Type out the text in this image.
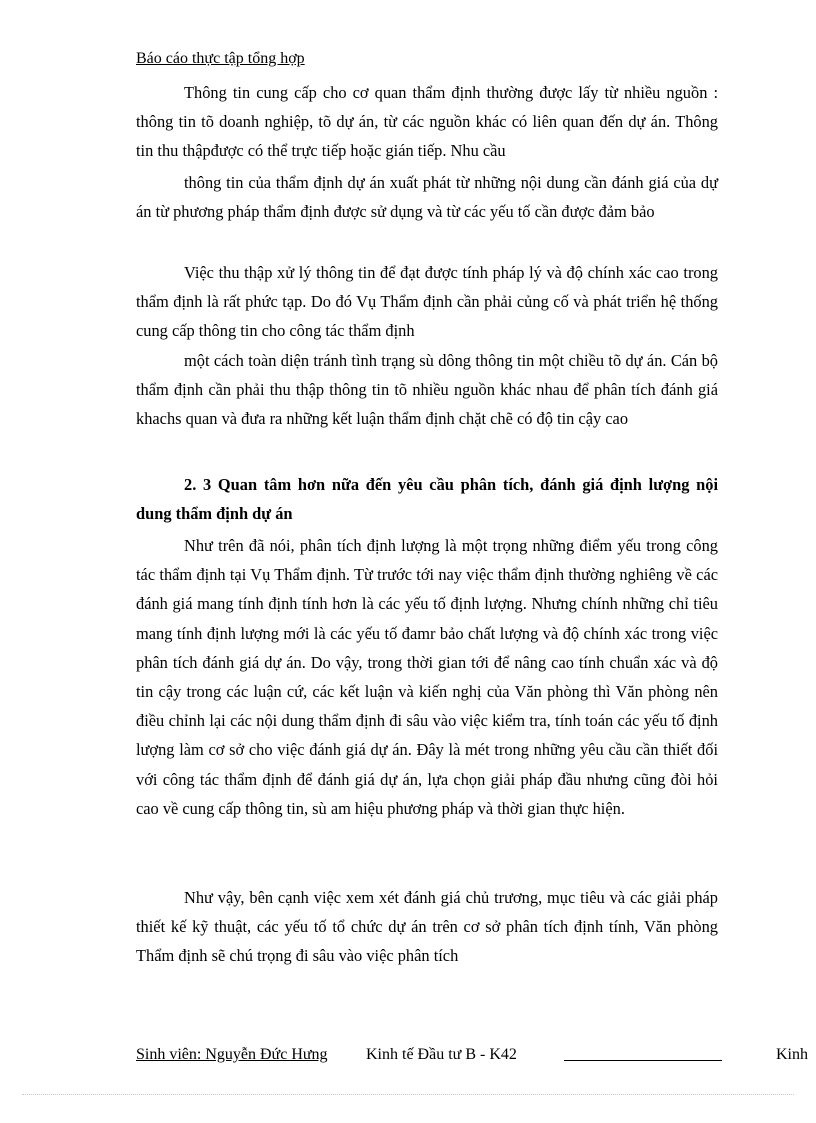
Báo cáo thực tập tổng hợp

Thông tin cung cấp cho cơ quan thẩm định thường được lấy từ nhiều nguồn : thông tin tõ doanh nghiệp, tõ dự án, từ các nguồn khác có liên quan đến dự án. Thông tin thu thậpđược có thể trực tiếp hoặc gián tiếp. Nhu cầu

thông tin của thẩm định dự án xuất phát từ những nội dung cần đánh giá của dự án từ phương pháp thẩm định được sử dụng và từ các yếu tố cần được đảm bảo

Việc thu thập xử lý thông tin để đạt được tính pháp lý và độ chính xác cao trong thẩm định là rất phức tạp. Do đó Vụ Thẩm định cần phải củng cố và phát triển hệ thống cung cấp thông tin cho công tác thẩm định

một cách toàn diện tránh tình trạng sù dông thông tin một chiều tõ dự án. Cán bộ thẩm định cần phải thu thập thông tin tõ nhiều nguồn khác nhau để phân tích đánh giá khachs quan và đưa ra những kết luận thẩm định chặt chẽ có độ tin cậy cao

2. 3 Quan tâm hơn nữa đến yêu cầu phân tích, đánh giá định lượng nội dung thẩm định dự án

Như trên đã nói, phân tích định lượng là một trọng những điểm yếu trong công tác thẩm định tại Vụ Thẩm định. Từ trước tới nay việc thẩm định thường nghiêng về các đánh giá mang tính định tính hơn là các yếu tố định lượng. Nhưng chính những chỉ tiêu mang tính định lượng mới là các yếu tố đamr bảo chất lượng và độ chính xác trong việc phân tích đánh giá dự án. Do vậy, trong thời gian tới để nâng cao tính chuẩn xác và độ tin cậy trong các luận cứ, các kết luận và kiến nghị của Văn phòng thì Văn phòng nên điều chỉnh lại các nội dung thẩm định đi sâu vào việc kiểm tra, tính toán các yếu tố định lượng làm cơ sở cho việc đánh giá dự án. Đây là mét trong những yêu cầu cần thiết đối với công tác thẩm định để đánh giá dự án, lựa chọn giải pháp đầu nhưng cũng đòi hỏi cao về cung cấp thông tin, sù am hiệu phương pháp và thời gian thực hiện.

Như vậy, bên cạnh việc xem xét đánh giá chủ trương, mục tiêu và các giải pháp thiết kế kỹ thuật, các yếu tố tổ chức dự án trên cơ sở phân tích định tính, Văn phòng Thẩm định sẽ chú trọng đi sâu vào việc phân tích

Sinh viên: Nguyễn Đức Hưng Kinh tế Đầu tư B - K42	Kinh
